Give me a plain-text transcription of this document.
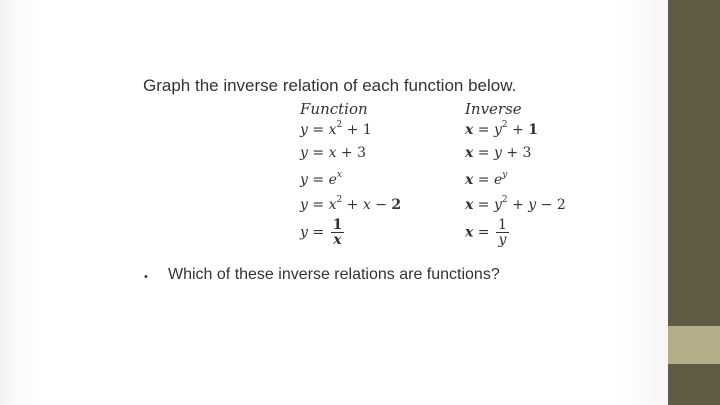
Graph the inverse relation of each function below.
Function	Inverse
$y = x^2 + 1$
y = x + 3
$y = e^x$
$y = x^2 + x - 2$
$y = \frac{1}{x}$
$x = y^2 + 1$
x = y + 3
$x = e^y$
$x = y^2 + y - 2$
$x = \frac{1}{y}$
• Which of these inverse relations are functions?
